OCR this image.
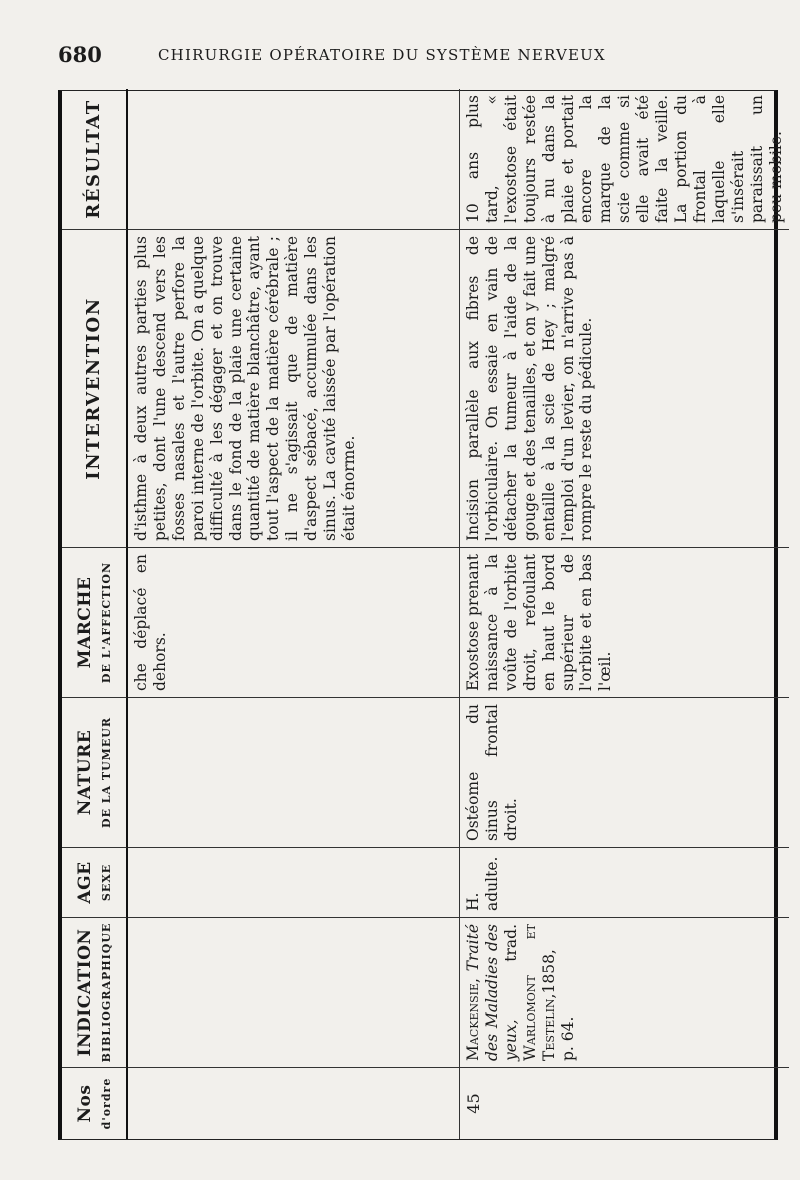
680	CHIRURGIE OPÉRATOIRE DU SYSTÈME NERVEUX
Nos d'ordre
INDICATION BIBLIOGRAPHIQUE
AGE SEXE
NATURE DE LA TUMEUR
MARCHE DE L'AFFECTION
INTERVENTION
RÉSULTAT
che déplacé en dehors.
d'isthme à deux autres parties plus petites, dont l'une descend vers les fosses nasales et l'autre perfore la paroi interne de l'orbite. On a quelque difficulté à les dégager et on trouve dans le fond de la plaie une certaine quantité de matière blanchâtre, ayant tout l'aspect de la matière cérébrale ; il ne s'agissait que de matière d'aspect sébacé, accumulée dans les sinus. La cavité laissée par l'opération était énorme.
45
Mackensie, Traité des Maladies des yeux, trad. Warlomont et Testelin,1858,
p. 64.
H. adulte.
Ostéome du sinus frontal droit.
Exostose prenant naissance à la voûte de l'orbite droit, refoulant en haut le bord supérieur de l'orbite et en bas l'œil.
Incision parallèle aux fibres de l'orbiculaire. On essaie en vain de détacher la tumeur à l'aide de la gouge et des tenailles, et on y fait une entaille à la scie de Hey ; malgré l'emploi d'un levier, on n'arrive pas à rompre le reste du pédicule.
10 ans plus tard, « l'exostose était toujours restée à nu dans la plaie et portait encore la marque de la scie comme si elle avait été faite la veille. La portion du frontal à laquelle elle s'insérait paraissait un peu mobile.
